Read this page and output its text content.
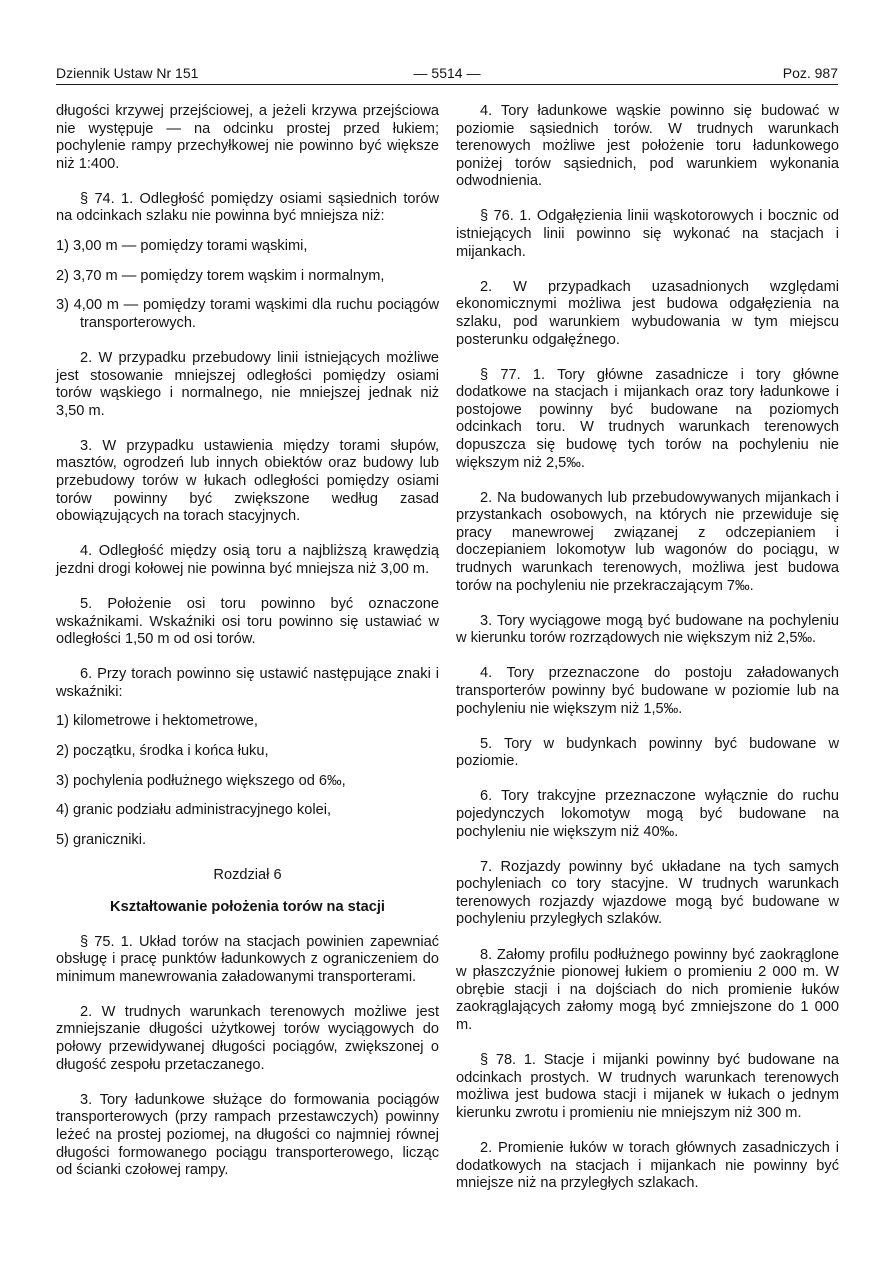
Dziennik Ustaw Nr 151	— 5514 —	Poz. 987

długości krzywej przejściowej, a jeżeli krzywa przejściowa nie występuje — na odcinku prostej przed łukiem; pochylenie rampy przechyłkowej nie powinno być większe niż 1:400.

§ 74. 1. Odległość pomiędzy osiami sąsiednich torów na odcinkach szlaku nie powinna być mniejsza niż:

1) 3,00 m — pomiędzy torami wąskimi,

2) 3,70 m — pomiędzy torem wąskim i normalnym,

3) 4,00 m — pomiędzy torami wąskimi dla ruchu pociągów transporterowych.

2. W przypadku przebudowy linii istniejących możliwe jest stosowanie mniejszej odległości pomiędzy osiami torów wąskiego i normalnego, nie mniejszej jednak niż 3,50 m.

3. W przypadku ustawienia między torami słupów, masztów, ogrodzeń lub innych obiektów oraz budowy lub przebudowy torów w łukach odległości pomiędzy osiami torów powinny być zwiększone według zasad obowiązujących na torach stacyjnych.

4. Odległość między osią toru a najbliższą krawędzią jezdni drogi kołowej nie powinna być mniejsza niż 3,00 m.

5. Położenie osi toru powinno być oznaczone wskaźnikami. Wskaźniki osi toru powinno się ustawiać w odległości 1,50 m od osi torów.

6. Przy torach powinno się ustawić następujące znaki i wskaźniki:

1) kilometrowe i hektometrowe,

2) początku, środka i końca łuku,

3) pochylenia podłużnego większego od 6‰,

4) granic podziału administracyjnego kolei,

5) graniczniki.

Rozdział 6

Kształtowanie położenia torów na stacji

§ 75. 1. Układ torów na stacjach powinien zapewniać obsługę i pracę punktów ładunkowych z ograniczeniem do minimum manewrowania załadowanymi transporterami.

2. W trudnych warunkach terenowych możliwe jest zmniejszanie długości użytkowej torów wyciągowych do połowy przewidywanej długości pociągów, zwiększonej o długość zespołu przetaczanego.

3. Tory ładunkowe służące do formowania pociągów transporterowych (przy rampach przestawczych) powinny leżeć na prostej poziomej, na długości co najmniej równej długości formowanego pociągu transporterowego, licząc od ścianki czołowej rampy.

4. Tory ładunkowe wąskie powinno się budować w poziomie sąsiednich torów. W trudnych warunkach terenowych możliwe jest położenie toru ładunkowego poniżej torów sąsiednich, pod warunkiem wykonania odwodnienia.

§ 76. 1. Odgałęzienia linii wąskotorowych i bocznic od istniejących linii powinno się wykonać na stacjach i mijankach.

2. W przypadkach uzasadnionych względami ekonomicznymi możliwa jest budowa odgałęzienia na szlaku, pod warunkiem wybudowania w tym miejscu posterunku odgałęźnego.

§ 77. 1. Tory główne zasadnicze i tory główne dodatkowe na stacjach i mijankach oraz tory ładunkowe i postojowe powinny być budowane na poziomych odcinkach toru. W trudnych warunkach terenowych dopuszcza się budowę tych torów na pochyleniu nie większym niż 2,5‰.

2. Na budowanych lub przebudowywanych mijankach i przystankach osobowych, na których nie przewiduje się pracy manewrowej związanej z odczepianiem i doczepianiem lokomotyw lub wagonów do pociągu, w trudnych warunkach terenowych, możliwa jest budowa torów na pochyleniu nie przekraczającym 7‰.

3. Tory wyciągowe mogą być budowane na pochyleniu w kierunku torów rozrządowych nie większym niż 2,5‰.

4. Tory przeznaczone do postoju załadowanych transporterów powinny być budowane w poziomie lub na pochyleniu nie większym niż 1,5‰.

5. Tory w budynkach powinny być budowane w poziomie.

6. Tory trakcyjne przeznaczone wyłącznie do ruchu pojedynczych lokomotyw mogą być budowane na pochyleniu nie większym niż 40‰.

7. Rozjazdy powinny być układane na tych samych pochyleniach co tory stacyjne. W trudnych warunkach terenowych rozjazdy wjazdowe mogą być budowane w pochyleniu przyległych szlaków.

8. Załomy profilu podłużnego powinny być zaokrąglone w płaszczyźnie pionowej łukiem o promieniu 2 000 m. W obrębie stacji i na dojściach do nich promienie łuków zaokrąglających załomy mogą być zmniejszone do 1 000 m.

§ 78. 1. Stacje i mijanki powinny być budowane na odcinkach prostych. W trudnych warunkach terenowych możliwa jest budowa stacji i mijanek w łukach o jednym kierunku zwrotu i promieniu nie mniejszym niż 300 m.

2. Promienie łuków w torach głównych zasadniczych i dodatkowych na stacjach i mijankach nie powinny być mniejsze niż na przyległych szlakach.
